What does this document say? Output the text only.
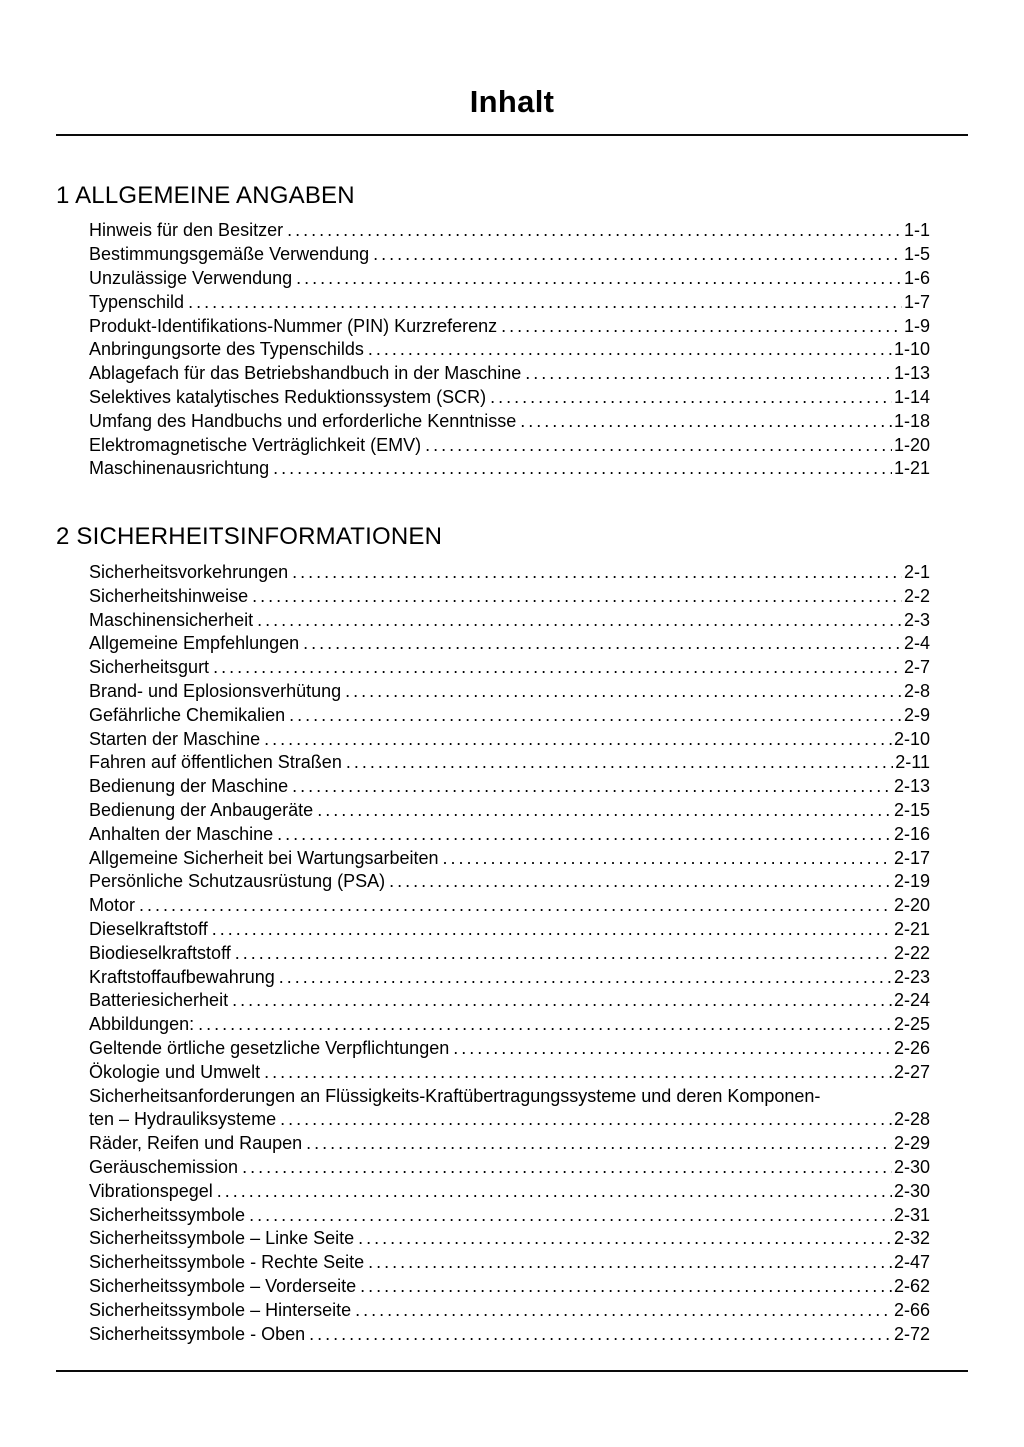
Inhalt
1 ALLGEMEINE ANGABEN
Hinweis für den Besitzer .....	1-1
Bestimmungsgemäße Verwendung .....	1-5
Unzulässige Verwendung .....	1-6
Typenschild .....	1-7
Produkt-Identifikations-Nummer (PIN) Kurzreferenz .....	1-9
Anbringungsorte des Typenschilds .....	1-10
Ablagefach für das Betriebshandbuch in der Maschine .....	1-13
Selektives katalytisches Reduktionssystem (SCR) .....	1-14
Umfang des Handbuchs und erforderliche Kenntnisse .....	1-18
Elektromagnetische Verträglichkeit (EMV) .....	1-20
Maschinenausrichtung .....	1-21
2 SICHERHEITSINFORMATIONEN
Sicherheitsvorkehrungen .....	2-1
Sicherheitshinweise .....	2-2
Maschinensicherheit .....	2-3
Allgemeine Empfehlungen .....	2-4
Sicherheitsgurt .....	2-7
Brand- und Eplosionsverhütung .....	2-8
Gefährliche Chemikalien .....	2-9
Starten der Maschine .....	2-10
Fahren auf öffentlichen Straßen .....	2-11
Bedienung der Maschine .....	2-13
Bedienung der Anbaugeräte .....	2-15
Anhalten der Maschine .....	2-16
Allgemeine Sicherheit bei Wartungsarbeiten .....	2-17
Persönliche Schutzausrüstung (PSA) .....	2-19
Motor .....	2-20
Dieselkraftstoff .....	2-21
Biodieselkraftstoff .....	2-22
Kraftstoffaufbewahrung .....	2-23
Batteriesicherheit .....	2-24
Abbildungen: .....	2-25
Geltende örtliche gesetzliche Verpflichtungen .....	2-26
Ökologie und Umwelt .....	2-27
Sicherheitsanforderungen an Flüssigkeits-Kraftübertragungssysteme und deren Komponen-
ten – Hydrauliksysteme .....	2-28
Räder, Reifen und Raupen .....	2-29
Geräuschemission .....	2-30
Vibrationspegel .....	2-30
Sicherheitssymbole .....	2-31
Sicherheitssymbole – Linke Seite .....	2-32
Sicherheitssymbole - Rechte Seite .....	2-47
Sicherheitssymbole – Vorderseite .....	2-62
Sicherheitssymbole – Hinterseite .....	2-66
Sicherheitssymbole - Oben .....	2-72
